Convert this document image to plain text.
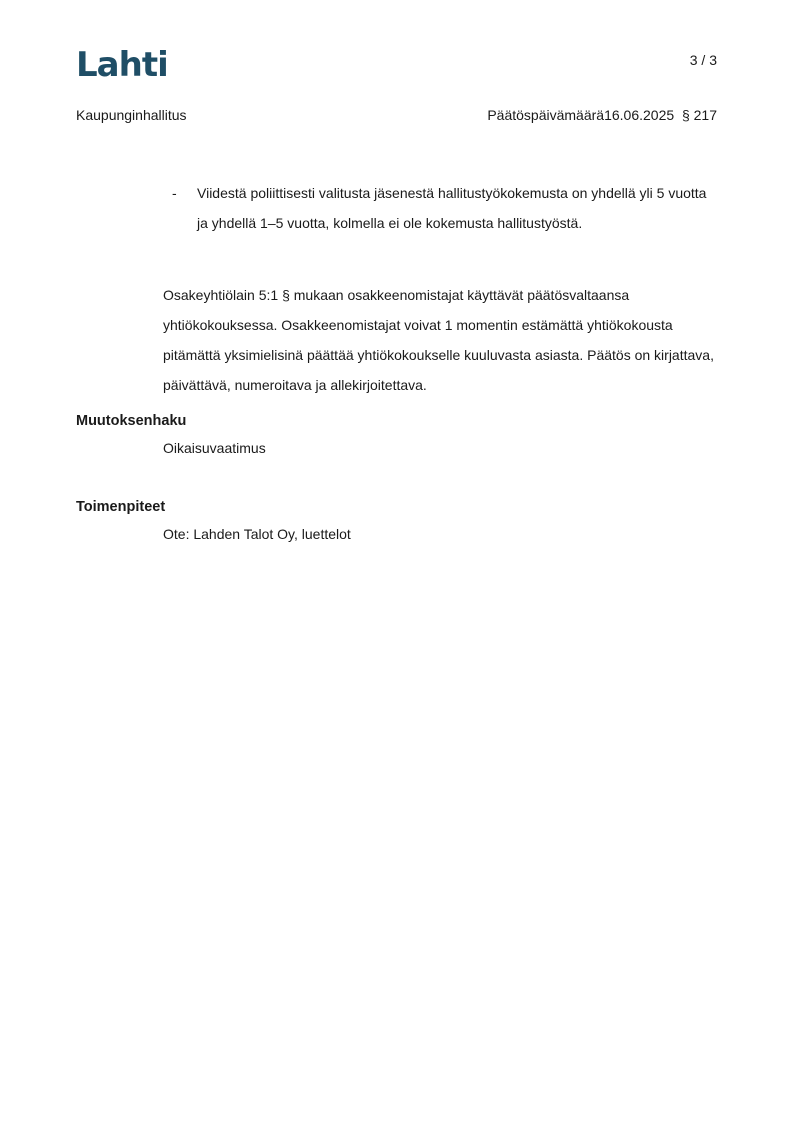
Lahti	3 / 3
Kaupunginhallitus	Päätöspäivämäärä16.06.2025 § 217
- Viidestä poliittisesti valitusta jäsenestä hallitustyökokemusta on yhdellä yli 5 vuotta ja yhdellä 1–5 vuotta, kolmella ei ole kokemusta hallitustyöstä.
Osakeyhtiölain 5:1 § mukaan osakkeenomistajat käyttävät päätösvaltaansa yhtiökokouksessa. Osakkeenomistajat voivat 1 momentin estämättä yhtiökokousta pitämättä yksimielisinä päättää yhtiökokoukselle kuuluvasta asiasta. Päätös on kirjattava, päivättävä, numeroitava ja allekirjoitettava.
Muutoksenhaku
Oikaisuvaatimus
Toimenpiteet
Ote: Lahden Talot Oy, luettelot
